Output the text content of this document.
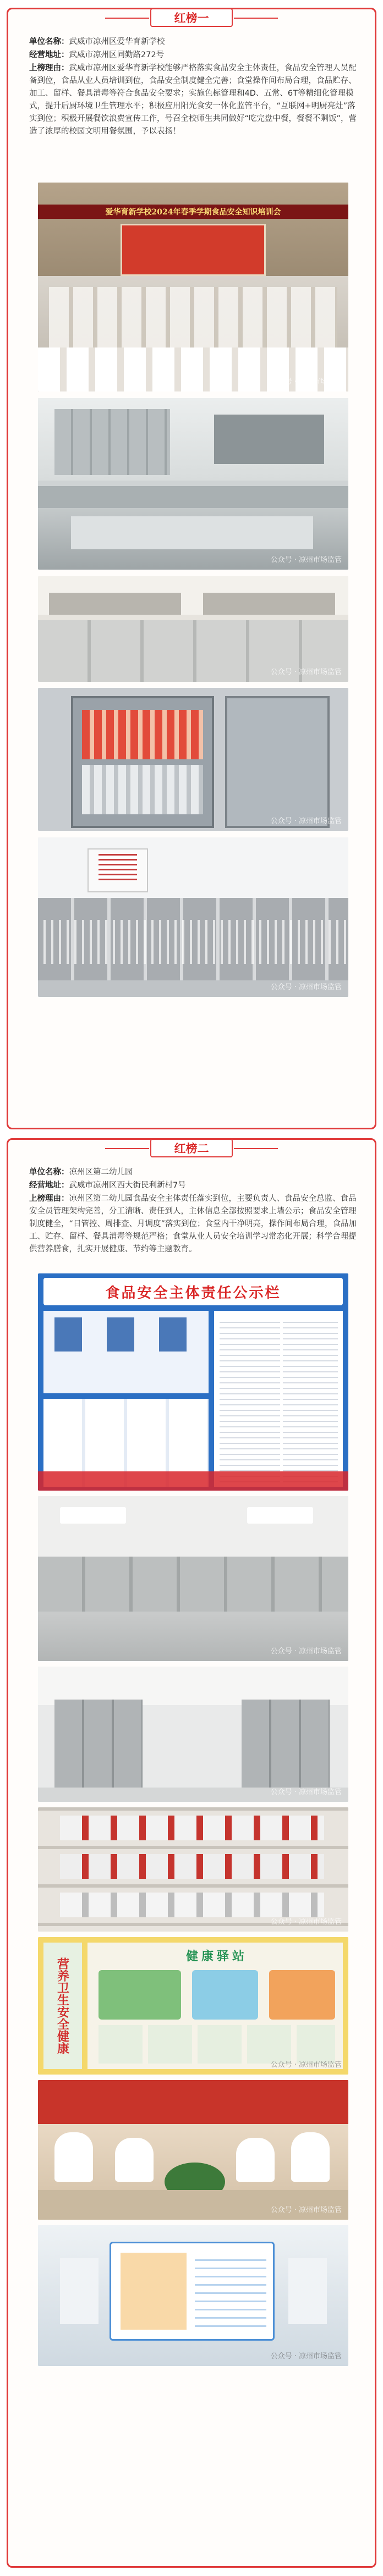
红榜一
单位名称：武威市凉州区爱华育新学校
经营地址：武威市凉州区同勤路272号
上榜理由：武威市凉州区爱华育新学校能够严格落实食品安全主体责任，食品安全管理人员配备到位，食品从业人员培训到位，食品安全制度健全完善；食堂操作间布局合理，食品贮存、加工、留样、餐具消毒等符合食品安全要求；实施色标管理和4D、五常、6T等精细化管理模式，提升后厨环境卫生管理水平；积极应用阳光食安一体化监管平台，“互联网+明厨亮灶”落实到位；积极开展餐饮浪费宣传工作，号召全校师生共同做好“吃完盘中餐，餐餐不剩饭”，营造了浓厚的校园文明用餐氛围，予以表扬！
爱华育新学校2024年春季学期食品安全知识培训会
公众号 · 凉州市场监管
公众号 · 凉州市场监管
公众号 · 凉州市场监管
公众号 · 凉州市场监管
公众号 · 凉州市场监管
红榜二
单位名称：凉州区第二幼儿园
经营地址：武威市凉州区西大街民利新村7号
上榜理由：凉州区第二幼儿园食品安全主体责任落实到位，主要负责人、食品安全总监、食品安全员管理架构完善，分工清晰、责任到人，主体信息全部按照要求上墙公示；食品安全管理制度健全，“日管控、周排查、月调度”落实到位；食堂内干净明亮，操作间布局合理，食品加工、贮存、留样、餐具消毒等规范严格；食堂从业人员安全培训学习常态化开展；科学合理提供营养膳食，扎实开展健康、节约等主题教育。
食品安全主体责任公示栏
公众号 · 凉州市场监管
公众号 · 凉州市场监管
公众号 · 凉州市场监管
营养卫生安全健康
健康驿站
公众号 · 凉州市场监管
公众号 · 凉州市场监管
公众号 · 凉州市场监管
